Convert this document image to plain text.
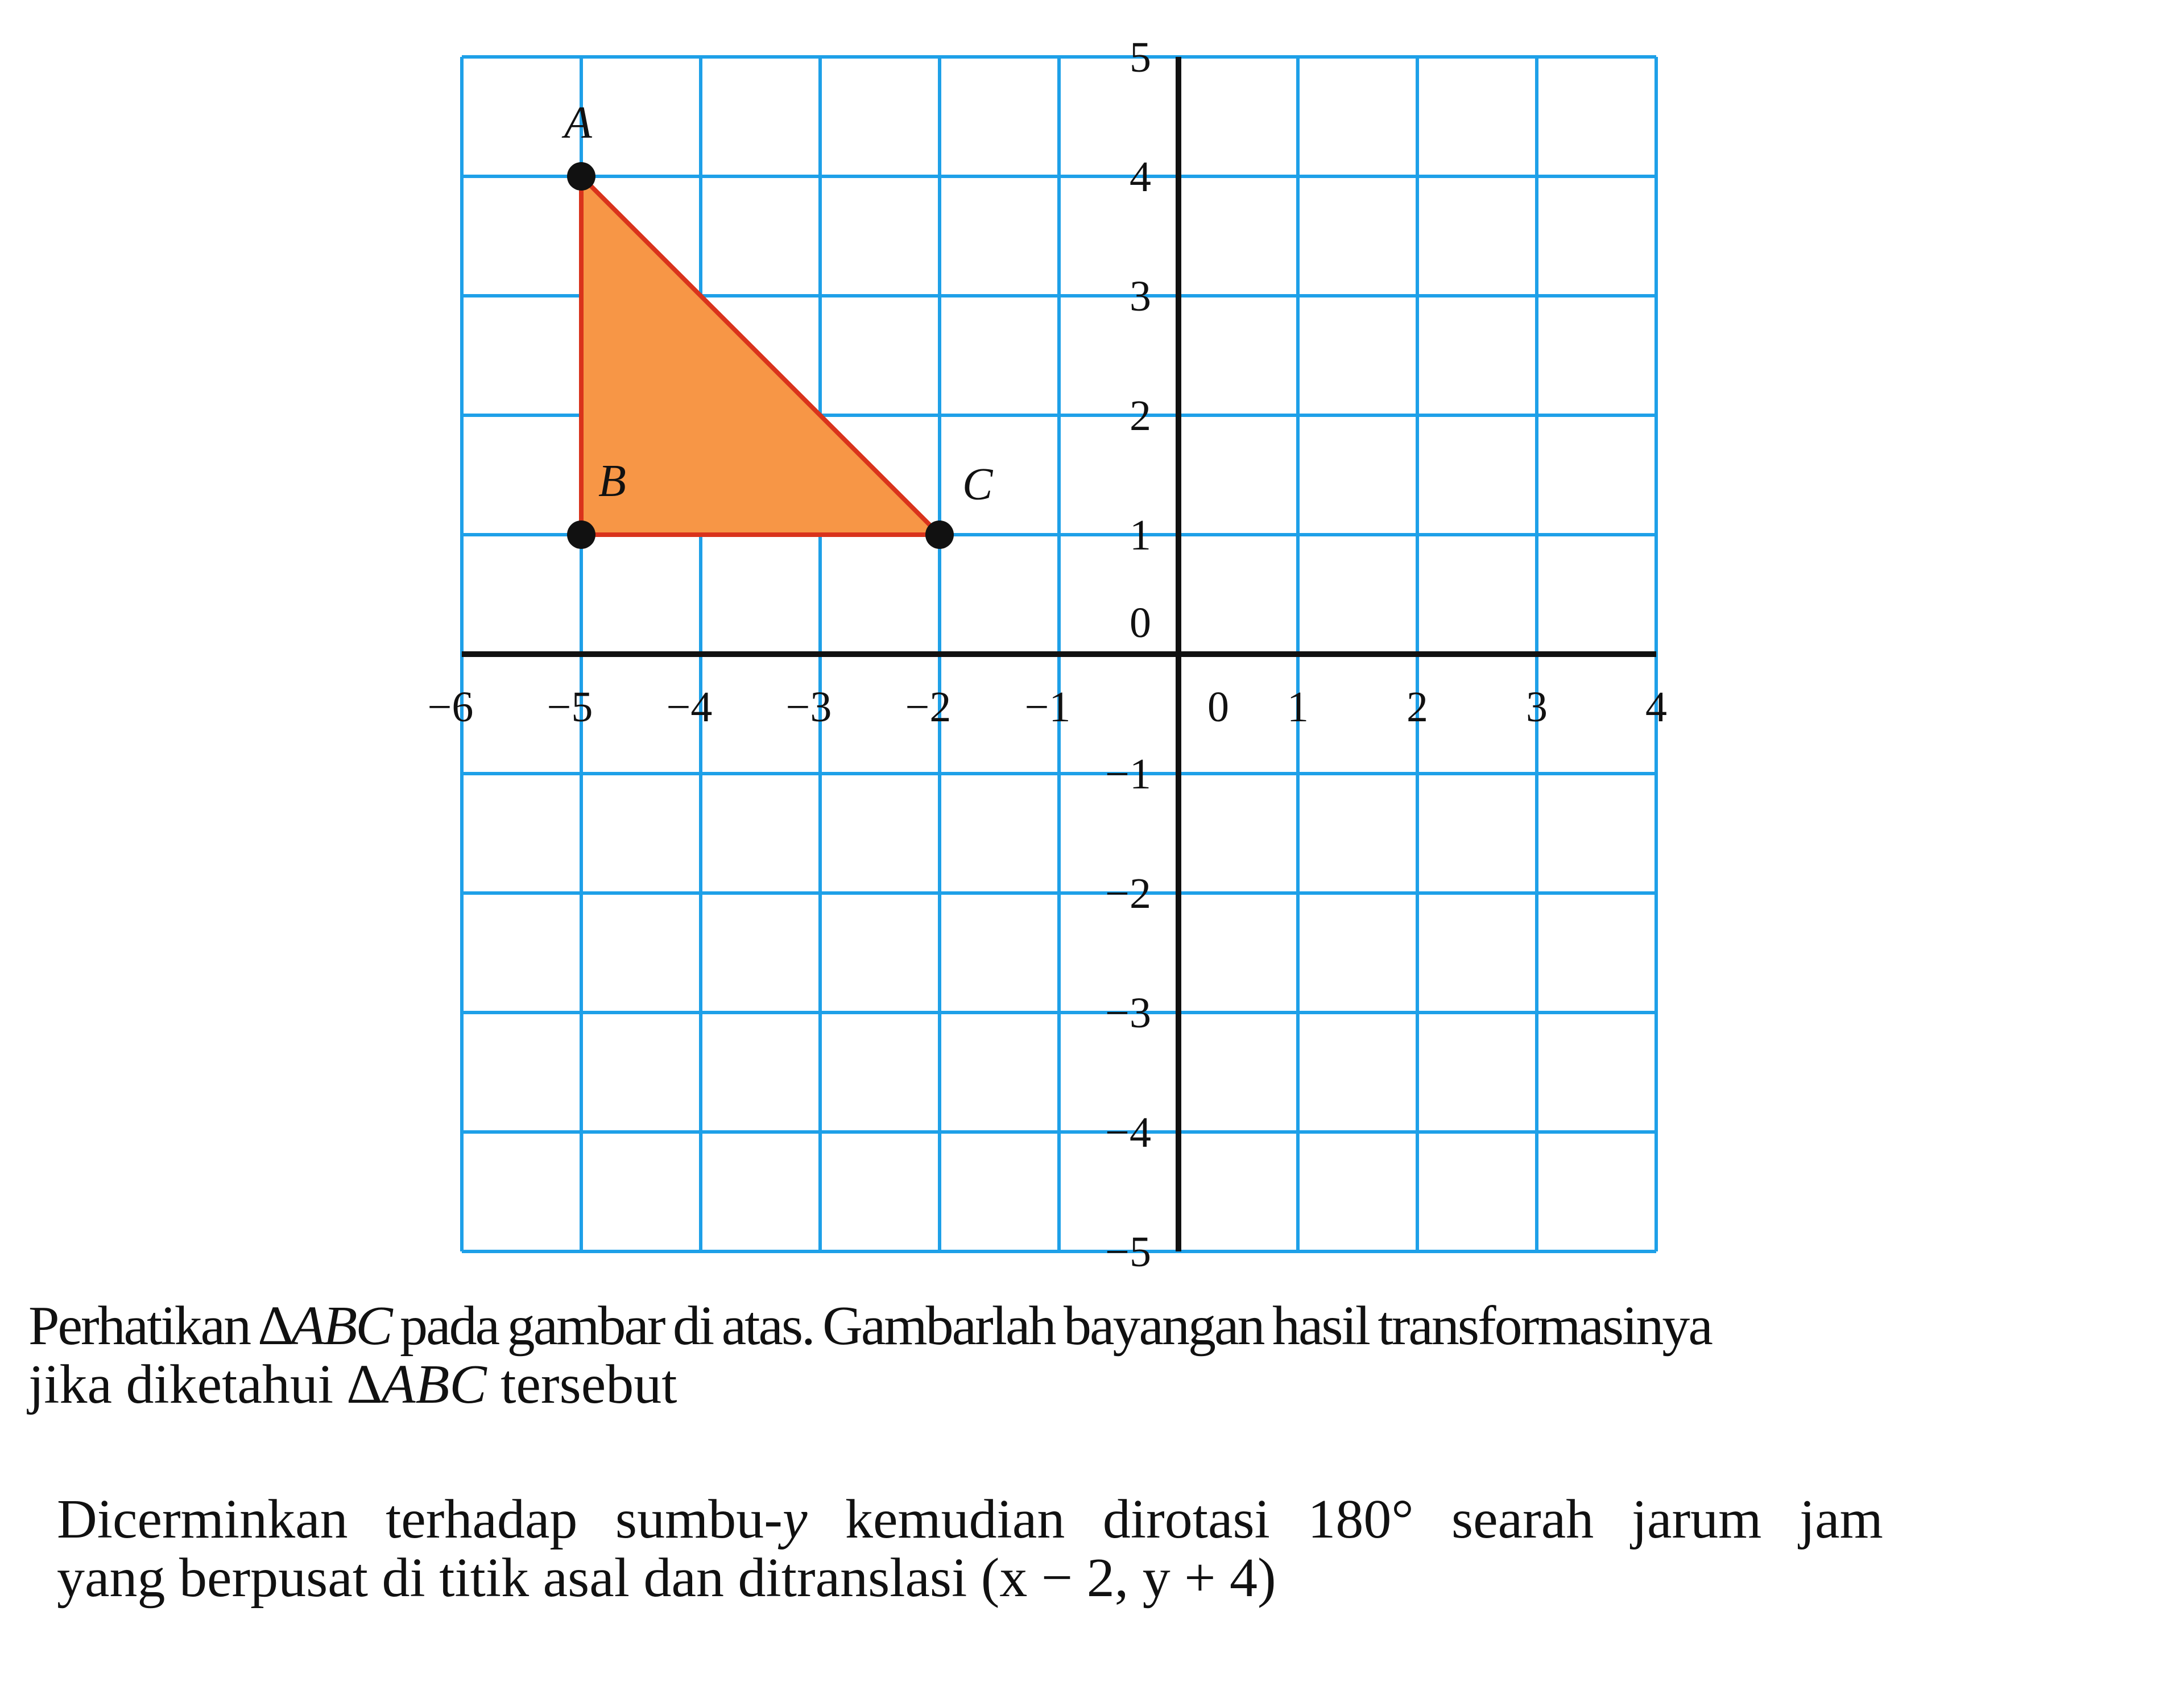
−6 −5 −4 −3 −2 −1	0 1 2 3 4
5
4
3
2
1
0
−1
−2
−3
−4
−5
A
B	C
Perhatikan ∆ABC pada gambar di atas. Gambarlah bayangan hasil transformasinya
jika diketahui ∆ABC tersebut
Dicerminkan terhadap sumbu-y kemudian dirotasi 180° searah jarum jam
yang berpusat di titik asal dan ditranslasi (x − 2, y + 4)
